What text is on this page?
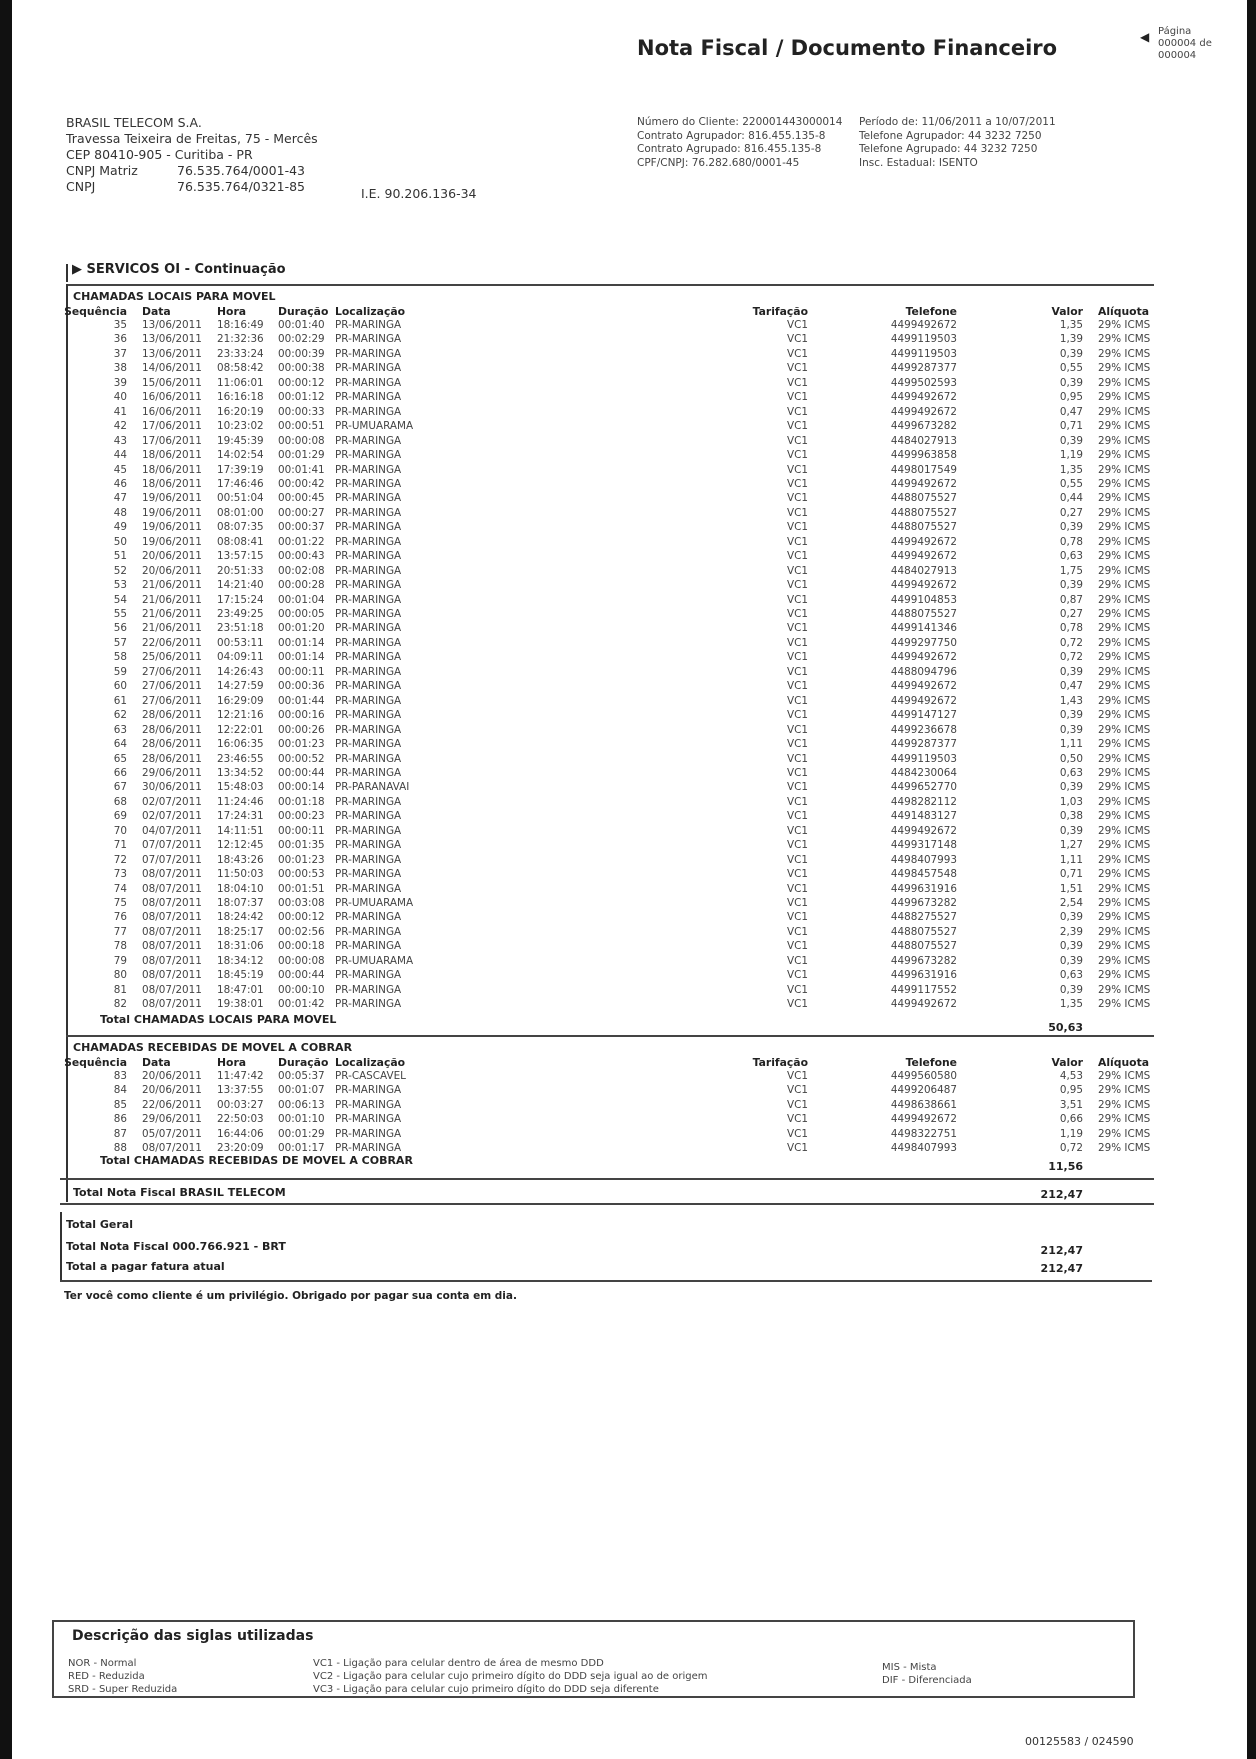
Nota Fiscal / Documento Financeiro	◀ Página
000004 de
000004
Número do Cliente: 220001443000014
Contrato Agrupador: 816.455.135-8
Contrato Agrupado: 816.455.135-8
CPF/CNPJ: 76.282.680/0001-45
Período de: 11/06/2011 a 10/07/2011
Telefone Agrupador: 44 3232 7250
Telefone Agrupado: 44 3232 7250
Insc. Estadual: ISENTO
BRASIL TELECOM S.A.
Travessa Teixeira de Freitas, 75 - Mercês
CEP 80410-905 - Curitiba - PR
CNPJ Matriz	76.535.764/0001-43
CNPJ	76.535.764/0321-85	I.E. 90.206.136-34
▶ SERVICOS OI - Continuação
CHAMADAS LOCAIS PARA MOVEL
Sequência Data	Hora	Duração Localização	Tarifação	Telefone	Valor Alíquota
35 13/06/2011 18:16:49 00:01:40 PR-MARINGA	VC1	4499492672	1,35 29% ICMS
36 13/06/2011 21:32:36 00:02:29 PR-MARINGA	VC1	4499119503	1,39 29% ICMS
37 13/06/2011 23:33:24 00:00:39 PR-MARINGA	VC1	4499119503	0,39 29% ICMS
38 14/06/2011 08:58:42 00:00:38 PR-MARINGA	VC1	4499287377	0,55 29% ICMS
39 15/06/2011 11:06:01 00:00:12 PR-MARINGA	VC1	4499502593	0,39 29% ICMS
40 16/06/2011 16:16:18 00:01:12 PR-MARINGA	VC1	4499492672	0,95 29% ICMS
41 16/06/2011 16:20:19 00:00:33 PR-MARINGA	VC1	4499492672	0,47 29% ICMS
42 17/06/2011 10:23:02 00:00:51 PR-UMUARAMA	VC1	4499673282	0,71 29% ICMS
43 17/06/2011 19:45:39 00:00:08 PR-MARINGA	VC1	4484027913	0,39 29% ICMS
44 18/06/2011 14:02:54 00:01:29 PR-MARINGA	VC1	4499963858	1,19 29% ICMS
45 18/06/2011 17:39:19 00:01:41 PR-MARINGA	VC1	4498017549	1,35 29% ICMS
46 18/06/2011 17:46:46 00:00:42 PR-MARINGA	VC1	4499492672	0,55 29% ICMS
47 19/06/2011 00:51:04 00:00:45 PR-MARINGA	VC1	4488075527	0,44 29% ICMS
48 19/06/2011 08:01:00 00:00:27 PR-MARINGA	VC1	4488075527	0,27 29% ICMS
49 19/06/2011 08:07:35 00:00:37 PR-MARINGA	VC1	4488075527	0,39 29% ICMS
50 19/06/2011 08:08:41 00:01:22 PR-MARINGA	VC1	4499492672	0,78 29% ICMS
51 20/06/2011 13:57:15 00:00:43 PR-MARINGA	VC1	4499492672	0,63 29% ICMS
52 20/06/2011 20:51:33 00:02:08 PR-MARINGA	VC1	4484027913	1,75 29% ICMS
53 21/06/2011 14:21:40 00:00:28 PR-MARINGA	VC1	4499492672	0,39 29% ICMS
54 21/06/2011 17:15:24 00:01:04 PR-MARINGA	VC1	4499104853	0,87 29% ICMS
55 21/06/2011 23:49:25 00:00:05 PR-MARINGA	VC1	4488075527	0,27 29% ICMS
56 21/06/2011 23:51:18 00:01:20 PR-MARINGA	VC1	4499141346	0,78 29% ICMS
57 22/06/2011 00:53:11 00:01:14 PR-MARINGA	VC1	4499297750	0,72 29% ICMS
58 25/06/2011 04:09:11 00:01:14 PR-MARINGA	VC1	4499492672	0,72 29% ICMS
59 27/06/2011 14:26:43 00:00:11 PR-MARINGA	VC1	4488094796	0,39 29% ICMS
60 27/06/2011 14:27:59 00:00:36 PR-MARINGA	VC1	4499492672	0,47 29% ICMS
61 27/06/2011 16:29:09 00:01:44 PR-MARINGA	VC1	4499492672	1,43 29% ICMS
62 28/06/2011 12:21:16 00:00:16 PR-MARINGA	VC1	4499147127	0,39 29% ICMS
63 28/06/2011 12:22:01 00:00:26 PR-MARINGA	VC1	4499236678	0,39 29% ICMS
64 28/06/2011 16:06:35 00:01:23 PR-MARINGA	VC1	4499287377	1,11 29% ICMS
65 28/06/2011 23:46:55 00:00:52 PR-MARINGA	VC1	4499119503	0,50 29% ICMS
66 29/06/2011 13:34:52 00:00:44 PR-MARINGA	VC1	4484230064	0,63 29% ICMS
67 30/06/2011 15:48:03 00:00:14 PR-PARANAVAI	VC1	4499652770	0,39 29% ICMS
68 02/07/2011 11:24:46 00:01:18 PR-MARINGA	VC1	4498282112	1,03 29% ICMS
69 02/07/2011 17:24:31 00:00:23 PR-MARINGA	VC1	4491483127	0,38 29% ICMS
70 04/07/2011 14:11:51 00:00:11 PR-MARINGA	VC1	4499492672	0,39 29% ICMS
71 07/07/2011 12:12:45 00:01:35 PR-MARINGA	VC1	4499317148	1,27 29% ICMS
72 07/07/2011 18:43:26 00:01:23 PR-MARINGA	VC1	4498407993	1,11 29% ICMS
73 08/07/2011 11:50:03 00:00:53 PR-MARINGA	VC1	4498457548	0,71 29% ICMS
74 08/07/2011 18:04:10 00:01:51 PR-MARINGA	VC1	4499631916	1,51 29% ICMS
75 08/07/2011 18:07:37 00:03:08 PR-UMUARAMA	VC1	4499673282	2,54 29% ICMS
76 08/07/2011 18:24:42 00:00:12 PR-MARINGA	VC1	4488275527	0,39 29% ICMS
77 08/07/2011 18:25:17 00:02:56 PR-MARINGA	VC1	4488075527	2,39 29% ICMS
78 08/07/2011 18:31:06 00:00:18 PR-MARINGA	VC1	4488075527	0,39 29% ICMS
79 08/07/2011 18:34:12 00:00:08 PR-UMUARAMA	VC1	4499673282	0,39 29% ICMS
80 08/07/2011 18:45:19 00:00:44 PR-MARINGA	VC1	4499631916	0,63 29% ICMS
81 08/07/2011 18:47:01 00:00:10 PR-MARINGA	VC1	4499117552	0,39 29% ICMS
82 08/07/2011 19:38:01 00:01:42 PR-MARINGA	VC1	4499492672	1,35 29% ICMS
Total CHAMADAS LOCAIS PARA MOVEL
50,63
CHAMADAS RECEBIDAS DE MOVEL A COBRAR
Sequência Data	Hora	Duração Localização	Tarifação	Telefone	Valor Alíquota
83 20/06/2011 11:47:42 00:05:37 PR-CASCAVEL	VC1	4499560580	4,53 29% ICMS
84 20/06/2011 13:37:55 00:01:07 PR-MARINGA	VC1	4499206487	0,95 29% ICMS
85 22/06/2011 00:03:27 00:06:13 PR-MARINGA	VC1	4498638661	3,51 29% ICMS
86 29/06/2011 22:50:03 00:01:10 PR-MARINGA	VC1	4499492672	0,66 29% ICMS
87 05/07/2011 16:44:06 00:01:29 PR-MARINGA	VC1	4498322751	1,19 29% ICMS
88 08/07/2011 23:20:09 00:01:17 PR-MARINGA	VC1	4498407993	0,72 29% ICMS
Total CHAMADAS RECEBIDAS DE MOVEL A COBRAR	11,56
Total Nota Fiscal BRASIL TELECOM	212,47
Total Geral
Total Nota Fiscal 000.766.921 - BRT	212,47
Total a pagar fatura atual	212,47
Ter você como cliente é um privilégio. Obrigado por pagar sua conta em dia.
Descrição das siglas utilizadas
NOR - Normal
RED - Reduzida
SRD - Super Reduzida
VC1 - Ligação para celular dentro de área de mesmo DDD
VC2 - Ligação para celular cujo primeiro dígito do DDD seja igual ao de origem
VC3 - Ligação para celular cujo primeiro dígito do DDD seja diferente
MIS - Mista
DIF - Diferenciada
00125583 / 024590
